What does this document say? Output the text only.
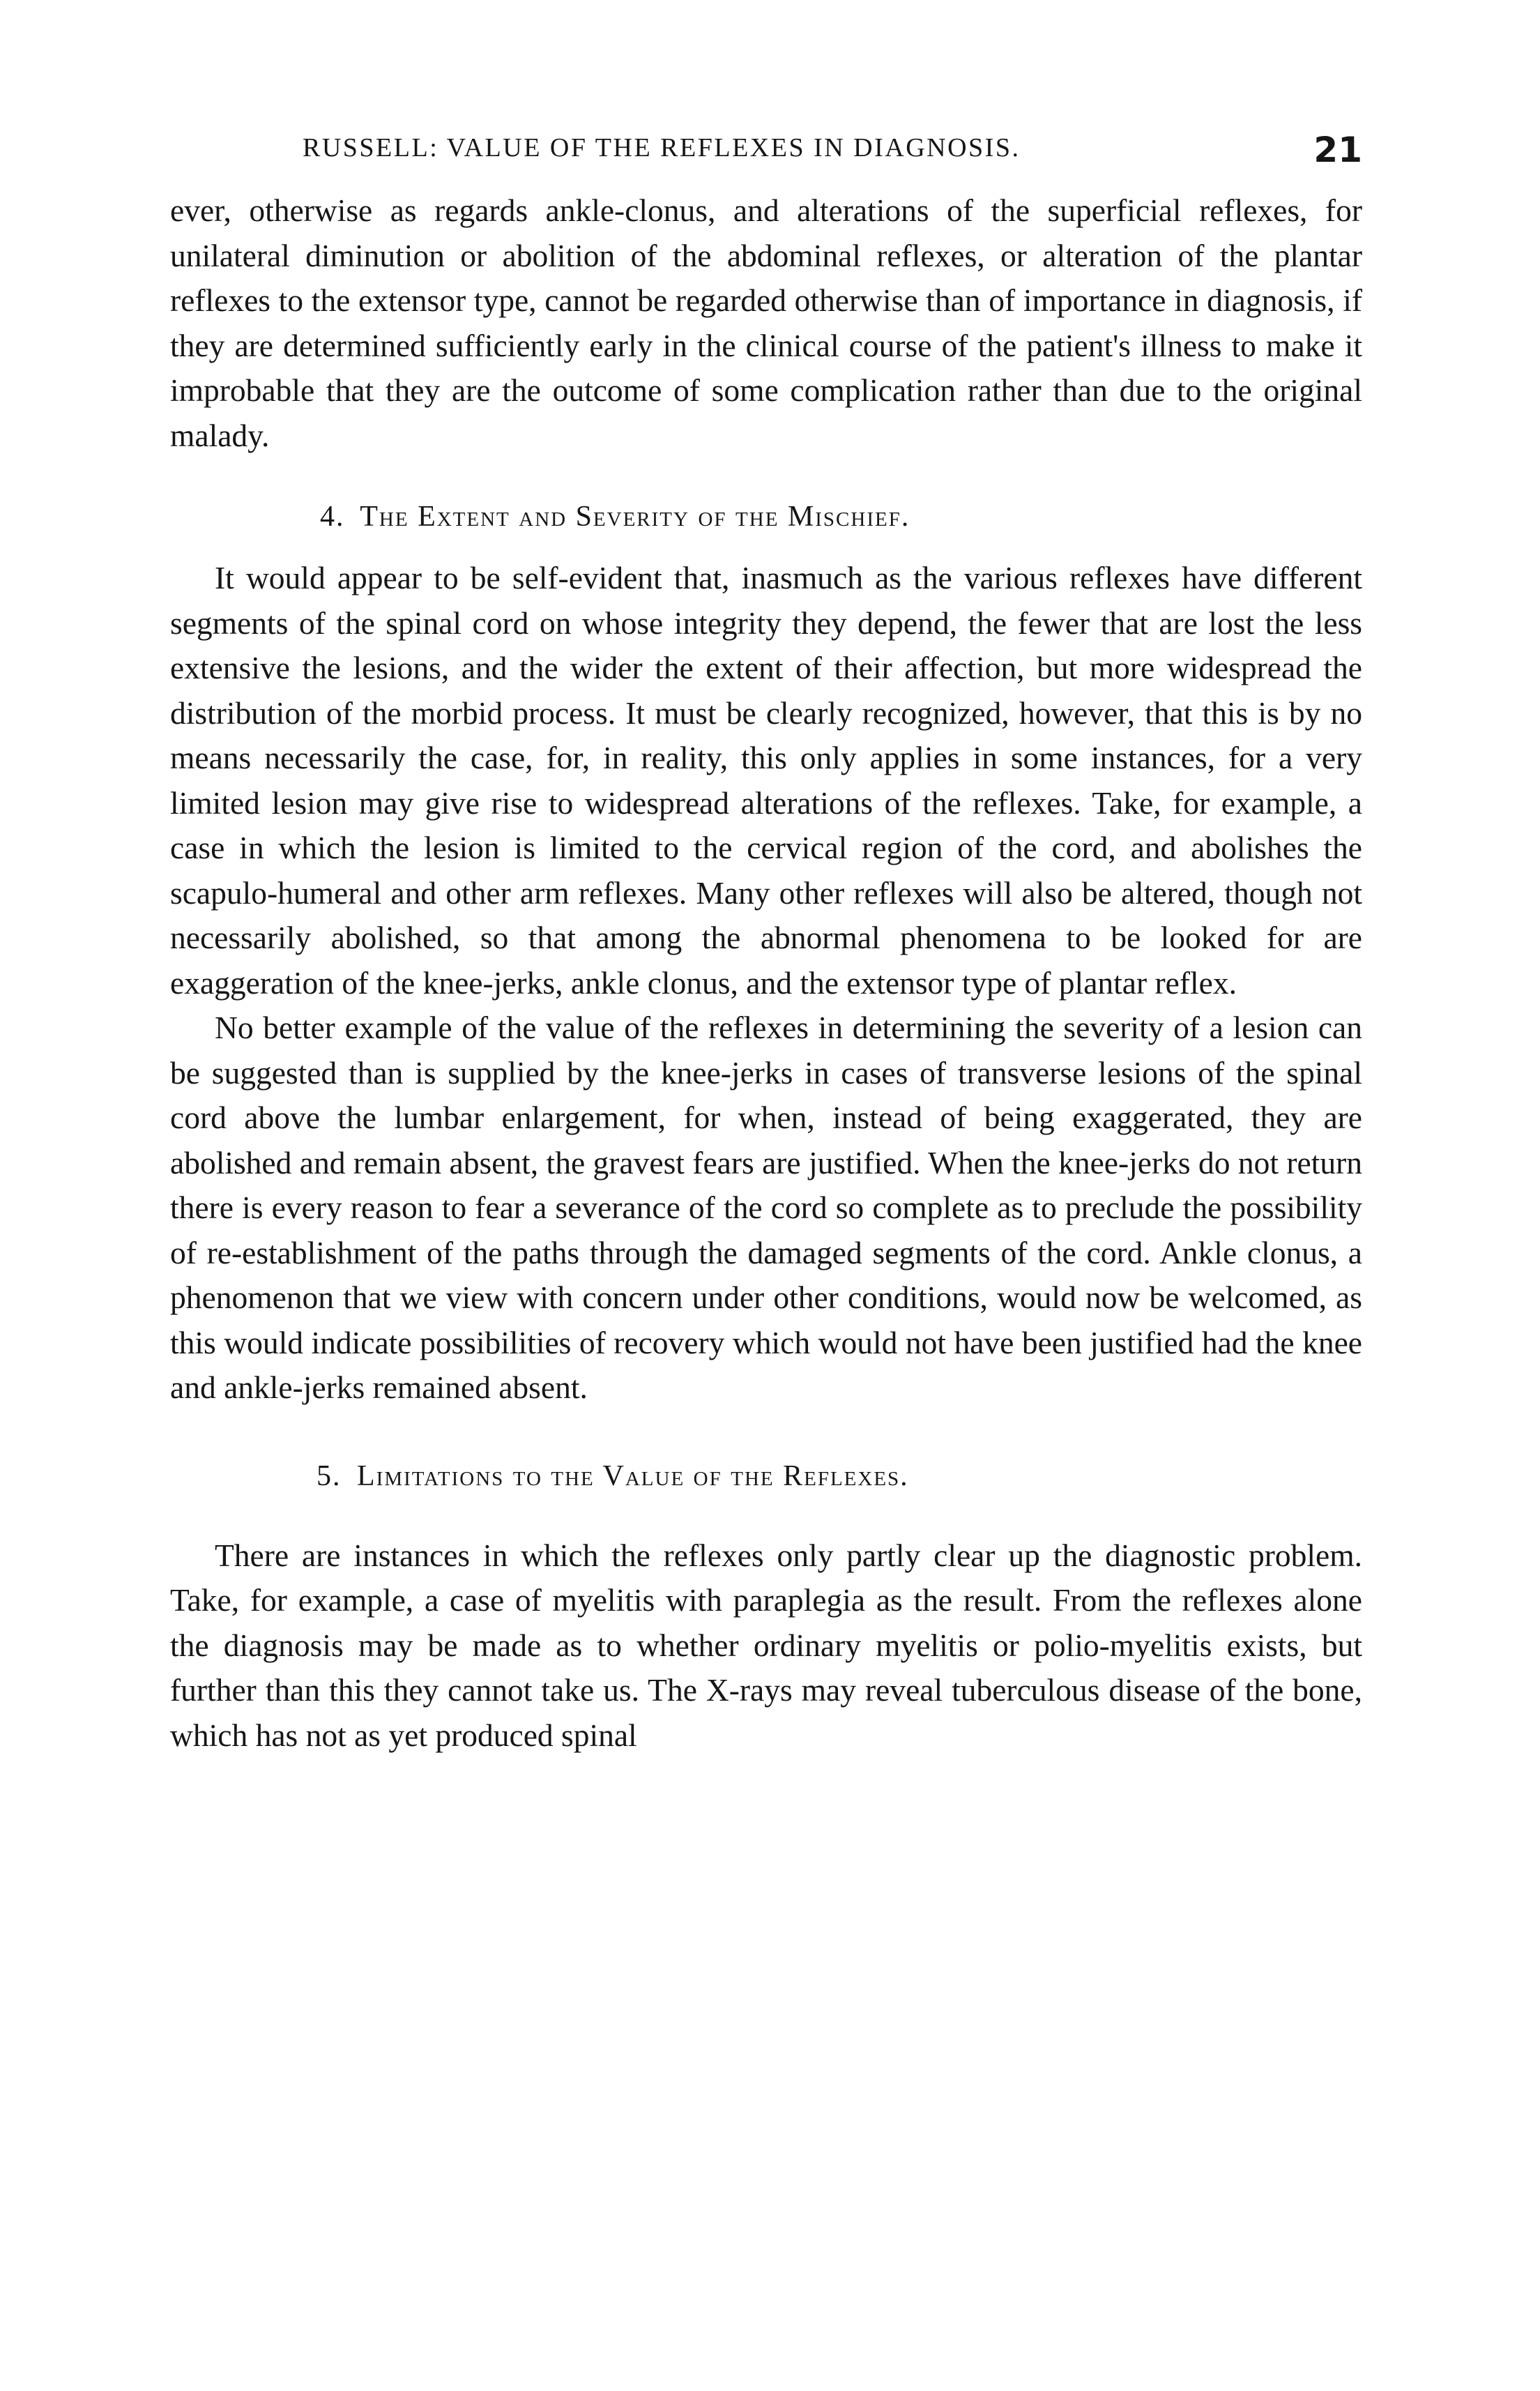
RUSSELL: VALUE OF THE REFLEXES IN DIAGNOSIS.	21

ever, otherwise as regards ankle-clonus, and alterations of the superficial reflexes, for unilateral diminution or abolition of the abdominal reflexes, or alteration of the plantar reflexes to the extensor type, cannot be regarded otherwise than of importance in diagnosis, if they are determined sufficiently early in the clinical course of the patient's illness to make it improbable that they are the outcome of some complication rather than due to the original malady.

4. The Extent and Severity of the Mischief.

It would appear to be self-evident that, inasmuch as the various reflexes have different segments of the spinal cord on whose integrity they depend, the fewer that are lost the less extensive the lesions, and the wider the extent of their affection, but more widespread the distribution of the morbid process. It must be clearly recognized, however, that this is by no means necessarily the case, for, in reality, this only applies in some instances, for a very limited lesion may give rise to widespread alterations of the reflexes. Take, for example, a case in which the lesion is limited to the cervical region of the cord, and abolishes the scapulo-humeral and other arm reflexes. Many other reflexes will also be altered, though not necessarily abolished, so that among the abnormal phenomena to be looked for are exaggeration of the knee-jerks, ankle clonus, and the extensor type of plantar reflex.

No better example of the value of the reflexes in determining the severity of a lesion can be suggested than is supplied by the knee-jerks in cases of transverse lesions of the spinal cord above the lumbar enlargement, for when, instead of being exaggerated, they are abolished and remain absent, the gravest fears are justified. When the knee-jerks do not return there is every reason to fear a severance of the cord so complete as to preclude the possibility of re-establishment of the paths through the damaged segments of the cord. Ankle clonus, a phenomenon that we view with concern under other conditions, would now be welcomed, as this would indicate possibilities of recovery which would not have been justified had the knee and ankle-jerks remained absent.

5. Limitations to the Value of the Reflexes.

There are instances in which the reflexes only partly clear up the diagnostic problem. Take, for example, a case of myelitis with paraplegia as the result. From the reflexes alone the diagnosis may be made as to whether ordinary myelitis or polio-myelitis exists, but further than this they cannot take us. The X-rays may reveal tuberculous disease of the bone, which has not as yet produced spinal
